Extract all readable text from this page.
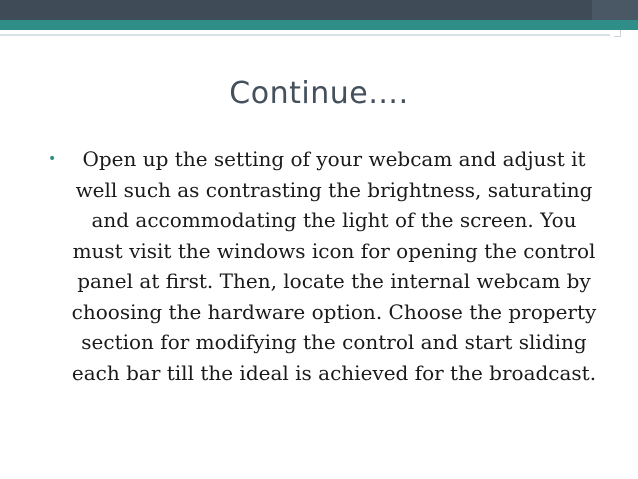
Continue….
•	Open up the setting of your webcam and adjust it well such as contrasting the brightness, saturating and accommodating the light of the screen. You must visit the windows icon for opening the control panel at first. Then, locate the internal webcam by choosing the hardware option. Choose the property section for modifying the control and start sliding each bar till the ideal is achieved for the broadcast.
